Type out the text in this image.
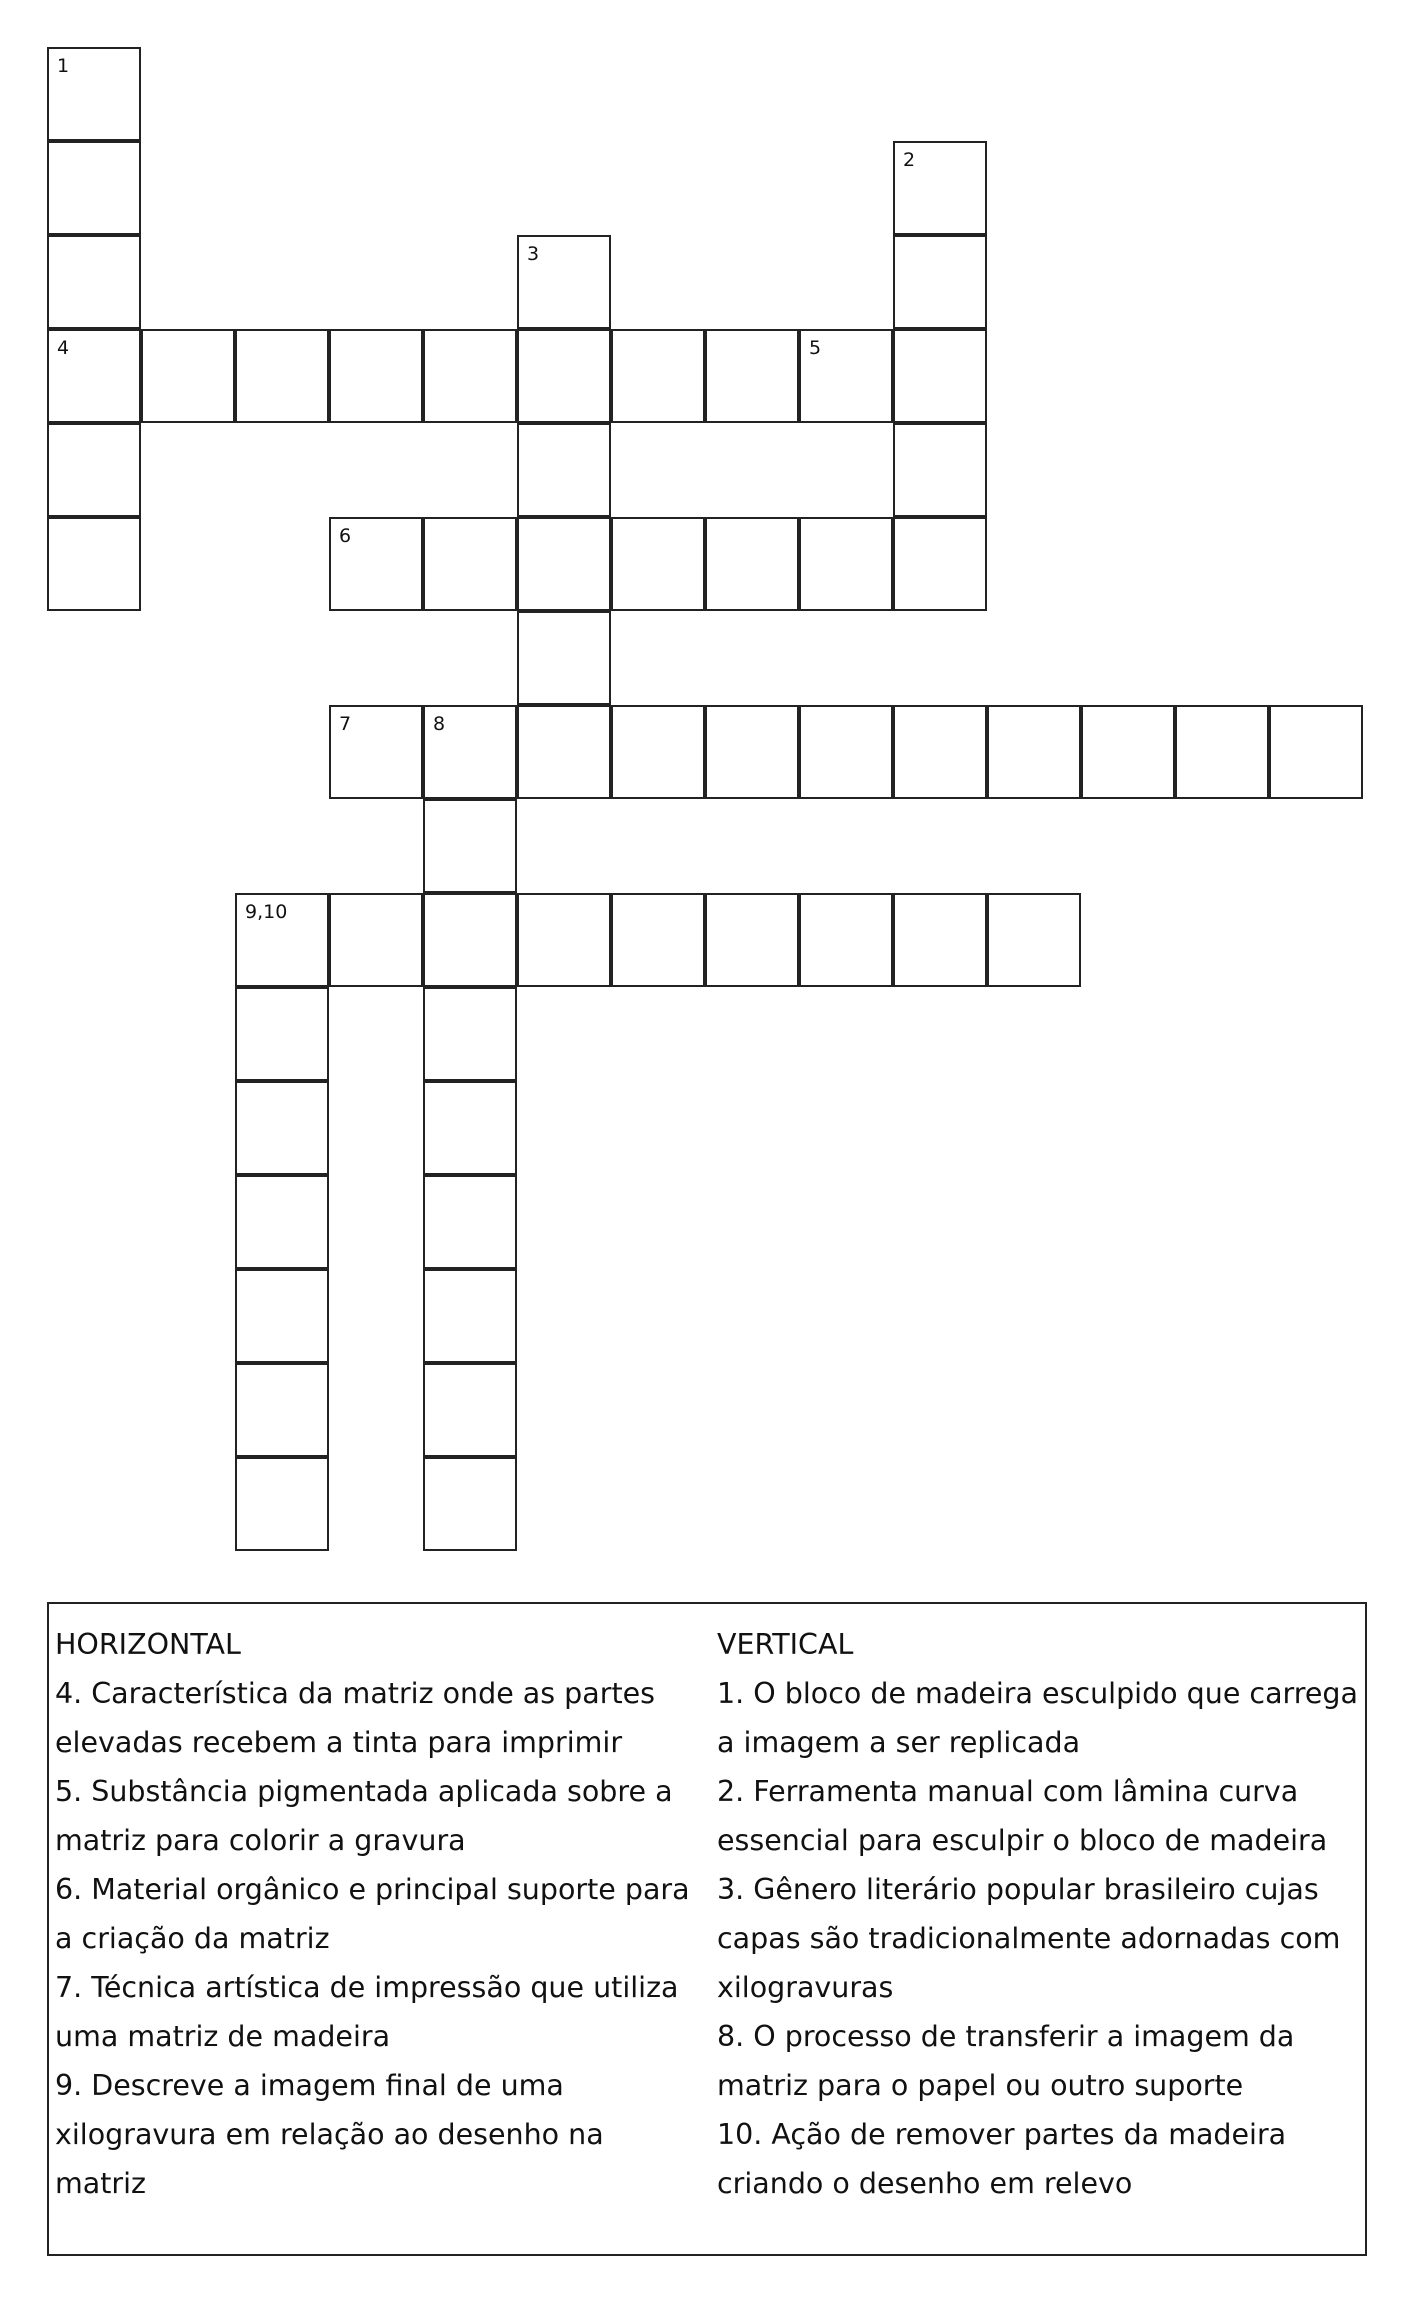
1
4
3
6
2
5
7	8
9,10
HORIZONTAL
4. Característica da matriz onde as partes elevadas recebem a tinta para imprimir
5. Substância pigmentada aplicada sobre a matriz para colorir a gravura
6. Material orgânico e principal suporte para a criação da matriz
7. Técnica artística de impressão que utiliza uma matriz de madeira
9. Descreve a imagem final de uma xilogravura em relação ao desenho na matriz
VERTICAL
1. O bloco de madeira esculpido que carrega a imagem a ser replicada
2. Ferramenta manual com lâmina curva essencial para esculpir o bloco de madeira
3. Gênero literário popular brasileiro cujas capas são tradicionalmente adornadas com xilogravuras
8. O processo de transferir a imagem da matriz para o papel ou outro suporte
10. Ação de remover partes da madeira criando o desenho em relevo
